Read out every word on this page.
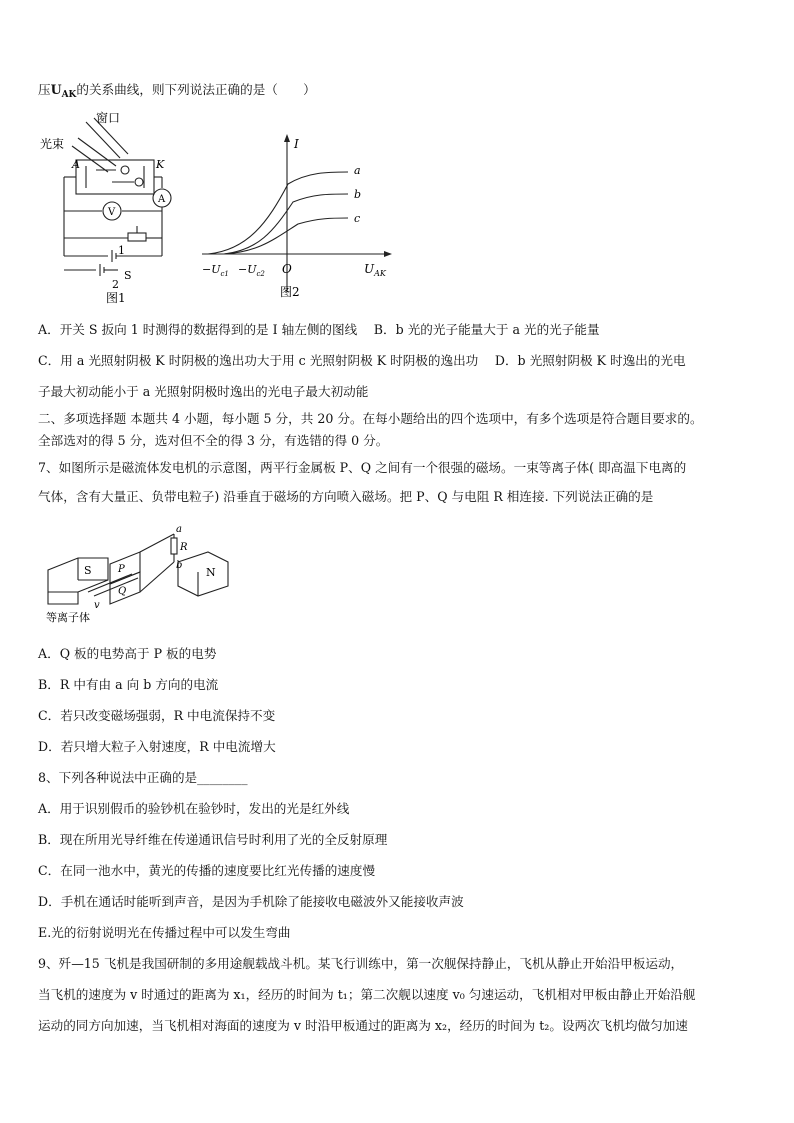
压$U_{AK}$的关系曲线，则下列说法正确的是（　　）
窗口
光束
A	K
A
V
1
2
S
图1
I
a
b
c
O	$U_{AK}$
$-U_{c1} -U_{c2}$
图2
A．开关 S 扳向 1 时测得的数据得到的是 I 轴左侧的图线　 B．b 光的光子能量大于 a 光的光子能量
C．用 a 光照射阴极 K 时阴极的逸出功大于用 c 光照射阴极 K 时阴极的逸出功　 D．b 光照射阴极 K 时逸出的光电
子最大初动能小于 a 光照射阴极时逸出的光电子最大初动能
二、多项选择题 本题共 4 小题，每小题 5 分，共 20 分。在每小题给出的四个选项中，有多个选项是符合题目要求的。
全部选对的得 5 分，选对但不全的得 3 分，有选错的得 0 分。
7、如图所示是磁流体发电机的示意图，两平行金属板 P、Q 之间有一个很强的磁场。一束等离子体( 即高温下电离的
气体，含有大量正、负带电粒子) 沿垂直于磁场的方向喷入磁场。把 P、Q 与电阻 R 相连接. 下列说法正确的是
a
R
b
S	P	N
Q
v
等离子体
A．Q 板的电势高于 P 板的电势
B．R 中有由 a 向 b 方向的电流
C．若只改变磁场强弱，R 中电流保持不变
D．若只增大粒子入射速度，R 中电流增大
8、下列各种说法中正确的是________
A．用于识别假币的验钞机在验钞时，发出的光是红外线
B．现在所用光导纤维在传递通讯信号时利用了光的全反射原理
C．在同一池水中，黄光的传播的速度要比红光传播的速度慢
D．手机在通话时能听到声音，是因为手机除了能接收电磁波外又能接收声波
E.光的衍射说明光在传播过程中可以发生弯曲
9、歼—15 飞机是我国研制的多用途舰载战斗机。某飞行训练中，第一次舰保持静止，飞机从静止开始沿甲板运动，
当飞机的速度为 v 时通过的距离为 x₁，经历的时间为 t₁；第二次舰以速度 v₀ 匀速运动，飞机相对甲板由静止开始沿舰
运动的同方向加速，当飞机相对海面的速度为 v 时沿甲板通过的距离为 x₂，经历的时间为 t₂。设两次飞机均做匀加速
